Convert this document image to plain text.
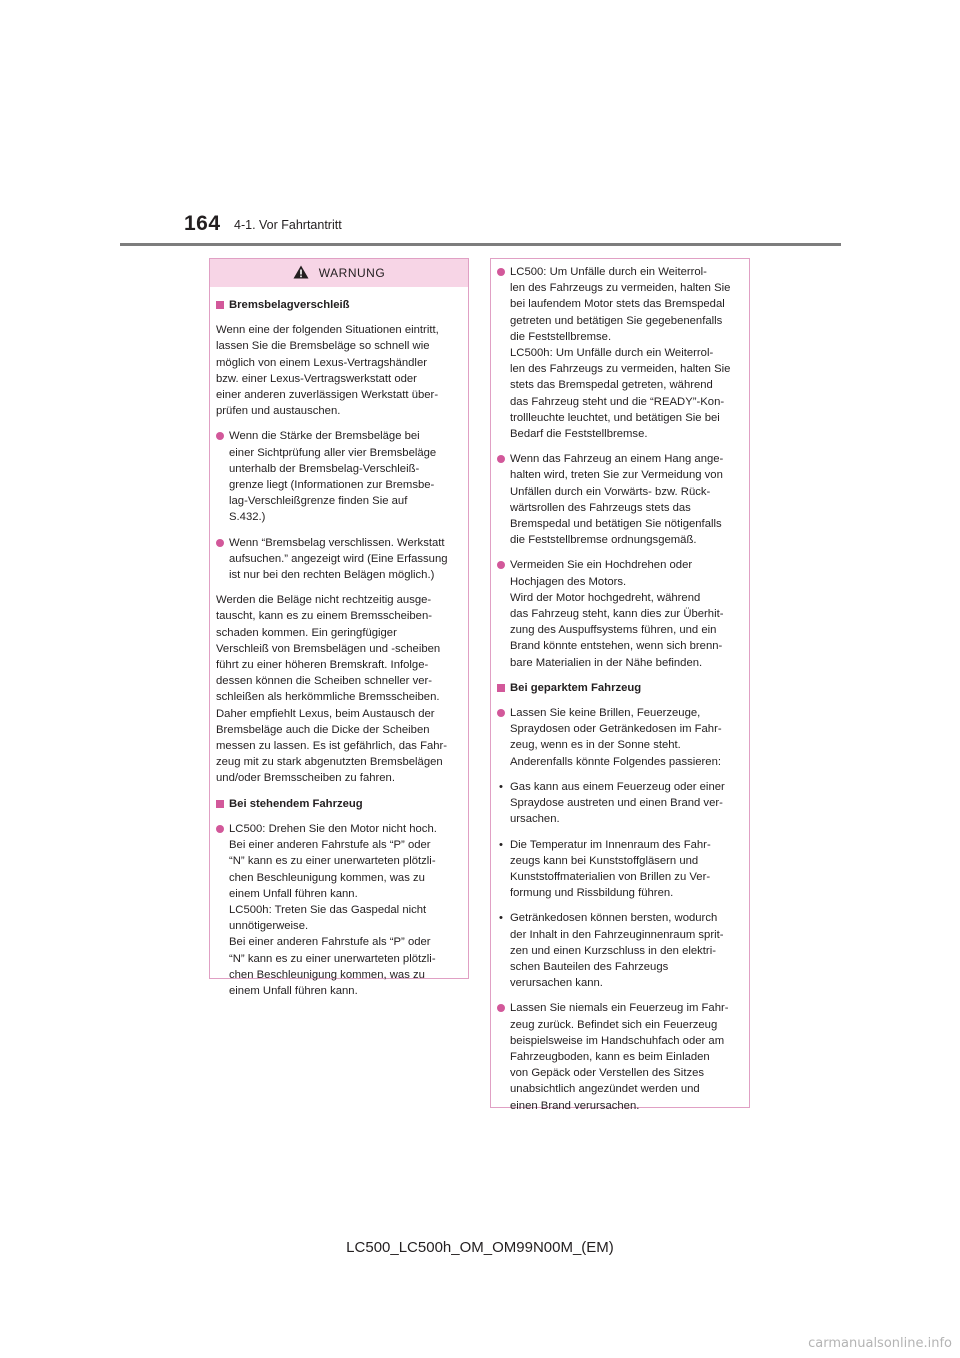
164 4-1. Vor Fahrtantritt
WARNUNG
Bremsbelagverschleiß

Wenn eine der folgenden Situationen eintritt,
lassen Sie die Bremsbeläge so schnell wie
möglich von einem Lexus-Vertragshändler
bzw. einer Lexus-Vertragswerkstatt oder
einer anderen zuverlässigen Werkstatt über-
prüfen und austauschen.

Wenn die Stärke der Bremsbeläge bei
einer Sichtprüfung aller vier Bremsbeläge
unterhalb der Bremsbelag-Verschleiß-
grenze liegt (Informationen zur Bremsbe-
lag-Verschleißgrenze finden Sie auf
S.432.)
Wenn “Bremsbelag verschlissen. Werkstatt
aufsuchen.” angezeigt wird (Eine Erfassung
ist nur bei den rechten Belägen möglich.)

Werden die Beläge nicht rechtzeitig ausge-
tauscht, kann es zu einem Bremsscheiben-
schaden kommen. Ein geringfügiger
Verschleiß von Bremsbelägen und -scheiben
führt zu einer höheren Bremskraft. Infolge-
dessen können die Scheiben schneller ver-
schleißen als herkömmliche Bremsscheiben.
Daher empfiehlt Lexus, beim Austausch der
Bremsbeläge auch die Dicke der Scheiben
messen zu lassen. Es ist gefährlich, das Fahr-
zeug mit zu stark abgenutzten Bremsbelägen
und/oder Bremsscheiben zu fahren.

Bei stehendem Fahrzeug
LC500: Drehen Sie den Motor nicht hoch.
Bei einer anderen Fahrstufe als “P” oder
“N” kann es zu einer unerwarteten plötzli-
chen Beschleunigung kommen, was zu
einem Unfall führen kann.
LC500h: Treten Sie das Gaspedal nicht
unnötigerweise.
Bei einer anderen Fahrstufe als “P” oder
“N” kann es zu einer unerwarteten plötzli-
chen Beschleunigung kommen, was zu
einem Unfall führen kann.
LC500: Um Unfälle durch ein Weiterrol-
len des Fahrzeugs zu vermeiden, halten Sie
bei laufendem Motor stets das Bremspedal
getreten und betätigen Sie gegebenenfalls
die Feststellbremse.
LC500h: Um Unfälle durch ein Weiterrol-
len des Fahrzeugs zu vermeiden, halten Sie
stets das Bremspedal getreten, während
das Fahrzeug steht und die “READY”-Kon-
trollleuchte leuchtet, und betätigen Sie bei
Bedarf die Feststellbremse.
Wenn das Fahrzeug an einem Hang ange-
halten wird, treten Sie zur Vermeidung von
Unfällen durch ein Vorwärts- bzw. Rück-
wärtsrollen des Fahrzeugs stets das
Bremspedal und betätigen Sie nötigenfalls
die Feststellbremse ordnungsgemäß.
Vermeiden Sie ein Hochdrehen oder
Hochjagen des Motors.
Wird der Motor hochgedreht, während
das Fahrzeug steht, kann dies zur Überhit-
zung des Auspuffsystems führen, und ein
Brand könnte entstehen, wenn sich brenn-
bare Materialien in der Nähe befinden.
Bei geparktem Fahrzeug
Lassen Sie keine Brillen, Feuerzeuge,
Spraydosen oder Getränkedosen im Fahr-
zeug, wenn es in der Sonne steht.
Anderenfalls könnte Folgendes passieren:
• Gas kann aus einem Feuerzeug oder einer
Spraydose austreten und einen Brand ver-
ursachen.
• Die Temperatur im Innenraum des Fahr-
zeugs kann bei Kunststoffgläsern und
Kunststoffmaterialien von Brillen zu Ver-
formung und Rissbildung führen.
• Getränkedosen können bersten, wodurch
der Inhalt in den Fahrzeuginnenraum sprit-
zen und einen Kurzschluss in den elektri-
schen Bauteilen des Fahrzeugs
verursachen kann.
Lassen Sie niemals ein Feuerzeug im Fahr-
zeug zurück. Befindet sich ein Feuerzeug
beispielsweise im Handschuhfach oder am
Fahrzeugboden, kann es beim Einladen
von Gepäck oder Verstellen des Sitzes
unabsichtlich angezündet werden und
einen Brand verursachen.
LC500_LC500h_OM_OM99N00M_(EM)
carmanualsonline.info
